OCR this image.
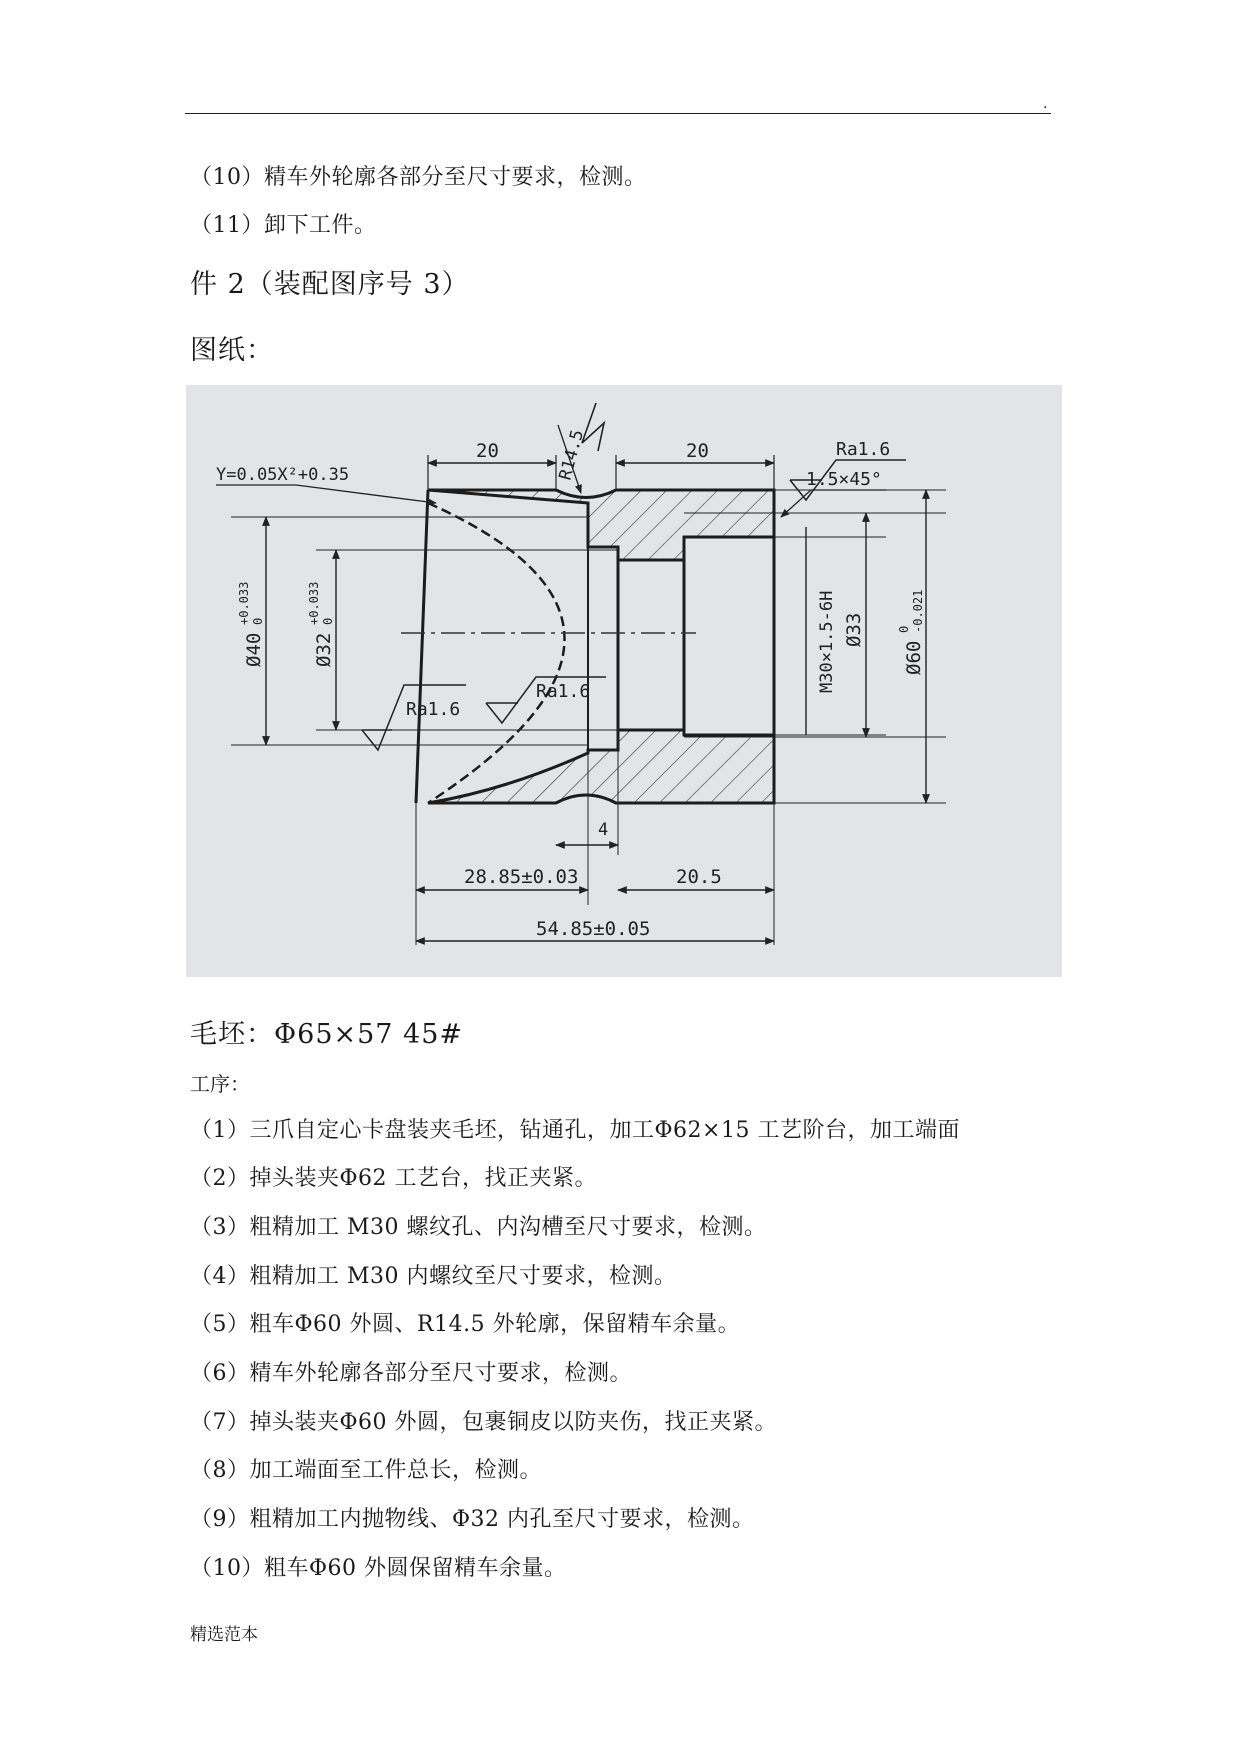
.
（10）精车外轮廓各部分至尺寸要求，检测。
（11）卸下工件。
件 2（装配图序号 3）
图纸：
20	20
R14.5	Ra1.6
1.5×45°
Y=0.05X²+0.35
Ø40
+0.033 0
Ø32
+0.033 0
Ra1.6
Ra1.6	M30×1.5-6H Ø33
Ø60
0 -0.021
4
28.85±0.03	20.5
54.85±0.05
毛坯：Φ65×57 45#
工序：
（1）三爪自定心卡盘装夹毛坯，钻通孔，加工Φ62×15 工艺阶台，加工端面
（2）掉头装夹Φ62 工艺台，找正夹紧。
（3）粗精加工 M30 螺纹孔、内沟槽至尺寸要求，检测。
（4）粗精加工 M30 内螺纹至尺寸要求，检测。
（5）粗车Φ60 外圆、R14.5 外轮廓，保留精车余量。
（6）精车外轮廓各部分至尺寸要求，检测。
（7）掉头装夹Φ60 外圆，包裹铜皮以防夹伤，找正夹紧。
（8）加工端面至工件总长，检测。
（9）粗精加工内抛物线、Φ32 内孔至尺寸要求，检测。
（10）粗车Φ60 外圆保留精车余量。
精选范本
